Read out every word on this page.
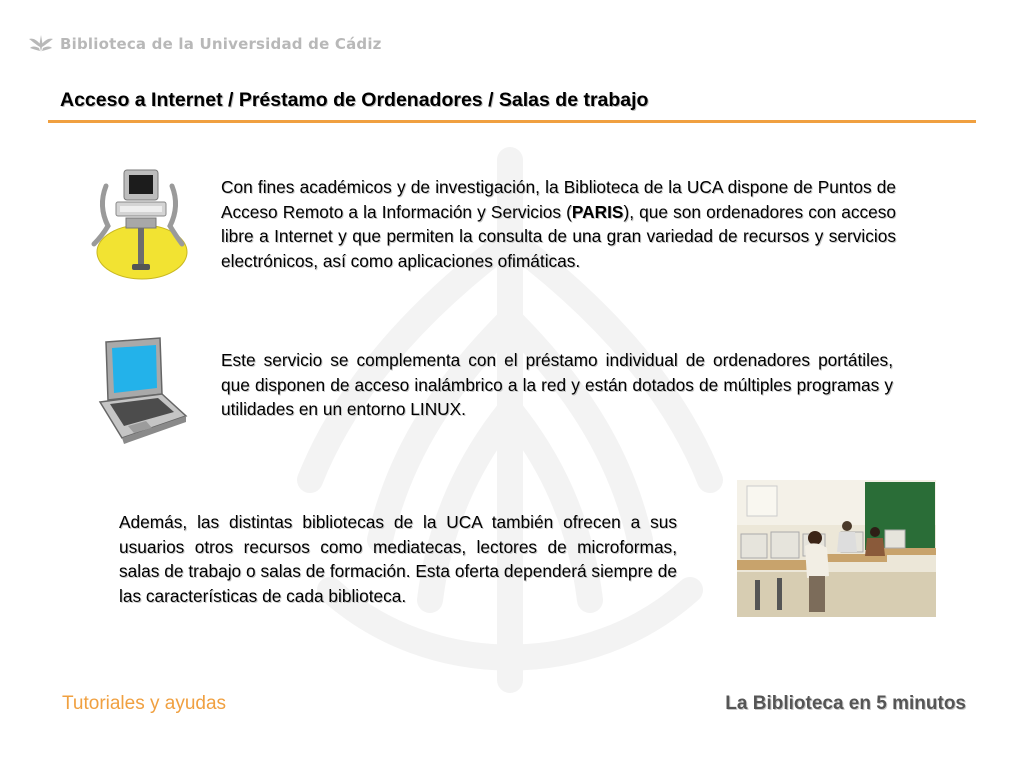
Biblioteca de la Universidad de Cádiz
Acceso a Internet / Préstamo de Ordenadores / Salas de trabajo
Con fines académicos y de investigación, la Biblioteca de la UCA dispone de Puntos de Acceso Remoto a la Información y Servicios (PARIS), que son ordenadores con acceso libre a Internet y que permiten la consulta de una gran variedad de recursos y servicios electrónicos, así como aplicaciones ofimáticas.
Este servicio se complementa con el préstamo individual de ordenadores portátiles, que disponen de acceso inalámbrico a la red y están dotados de múltiples programas y utilidades en un entorno LINUX.
Además, las distintas bibliotecas de la UCA también ofrecen a sus usuarios otros recursos como mediatecas, lectores de microformas, salas de trabajo o salas de formación. Esta oferta dependerá siempre de las características de cada biblioteca.
Tutoriales y ayudas	La Biblioteca en 5 minutos
